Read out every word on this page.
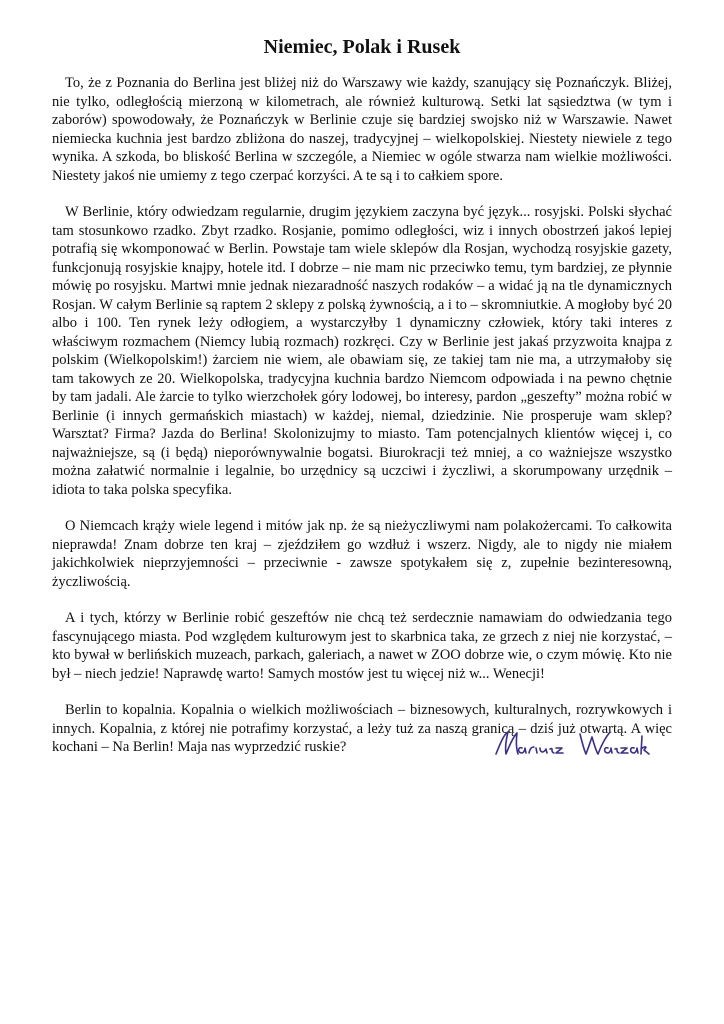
Niemiec, Polak i Rusek

To, że z Poznania do Berlina jest bliżej niż do Warszawy wie każdy, szanujący się Poznańczyk. Bliżej, nie tylko, odległością mierzoną w kilometrach, ale również kulturową. Setki lat sąsiedztwa (w tym i zaborów) spowodowały, że Poznańczyk w Berlinie czuje się bardziej swojsko niż w Warszawie. Nawet niemiecka kuchnia jest bardzo zbliżona do naszej, tradycyjnej – wielkopolskiej. Niestety niewiele z tego wynika. A szkoda, bo bliskość Berlina w szczególe, a Niemiec w ogóle stwarza nam wielkie możliwości. Niestety jakoś nie umiemy z tego czerpać korzyści. A te są i to całkiem spore.

W Berlinie, który odwiedzam regularnie, drugim językiem zaczyna być język... rosyjski. Polski słychać tam stosunkowo rzadko. Zbyt rzadko. Rosjanie, pomimo odległości, wiz i innych obostrzeń jakoś lepiej potrafią się wkomponować w Berlin. Powstaje tam wiele sklepów dla Rosjan, wychodzą rosyjskie gazety, funkcjonują rosyjskie knajpy, hotele itd. I dobrze – nie mam nic przeciwko temu, tym bardziej, ze płynnie mówię po rosyjsku. Martwi mnie jednak niezaradność naszych rodaków – a widać ją na tle dynamicznych Rosjan. W całym Berlinie są raptem 2 sklepy z polską żywnością, a i to – skromniutkie. A mogłoby być 20 albo i 100. Ten rynek leży odłogiem, a wystarczyłby 1 dynamiczny człowiek, który taki interes z właściwym rozmachem (Niemcy lubią rozmach) rozkręci. Czy w Berlinie jest jakaś przyzwoita knajpa z polskim (Wielkopolskim!) żarciem nie wiem, ale obawiam się, ze takiej tam nie ma, a utrzymałoby się tam takowych ze 20. Wielkopolska, tradycyjna kuchnia bardzo Niemcom odpowiada i na pewno chętnie by tam jadali. Ale żarcie to tylko wierzchołek góry lodowej, bo interesy, pardon „geszefty” można robić w Berlinie (i innych germańskich miastach) w każdej, niemal, dziedzinie. Nie prosperuje wam sklep? Warsztat? Firma? Jazda do Berlina! Skolonizujmy to miasto. Tam potencjalnych klientów więcej i, co najważniejsze, są (i będą) nieporównywalnie bogatsi. Biurokracji też mniej, a co ważniejsze wszystko można załatwić normalnie i legalnie, bo urzędnicy są uczciwi i życzliwi, a skorumpowany urzędnik – idiota to taka polska specyfika.

O Niemcach krąży wiele legend i mitów jak np. że są nieżyczliwymi nam polakożercami. To całkowita nieprawda! Znam dobrze ten kraj – zjeździłem go wzdłuż i wszerz. Nigdy, ale to nigdy nie miałem jakichkolwiek nieprzyjemności – przeciwnie - zawsze spotykałem się z, zupełnie bezinteresowną, życzliwością.

A i tych, którzy w Berlinie robić geszeftów nie chcą też serdecznie namawiam do odwiedzania tego fascynującego miasta. Pod względem kulturowym jest to skarbnica taka, ze grzech z niej nie korzystać, – kto bywał w berlińskich muzeach, parkach, galeriach, a nawet w ZOO dobrze wie, o czym mówię. Kto nie był – niech jedzie! Naprawdę warto! Samych mostów jest tu więcej niż w... Wenecji!

Berlin to kopalnia. Kopalnia o wielkich możliwościach – biznesowych, kulturalnych, rozrywkowych i innych. Kopalnia, z której nie potrafimy korzystać, a leży tuż za naszą granicą – dziś już otwartą. A więc kochani – Na Berlin! Maja nas wyprzedzić ruskie?
